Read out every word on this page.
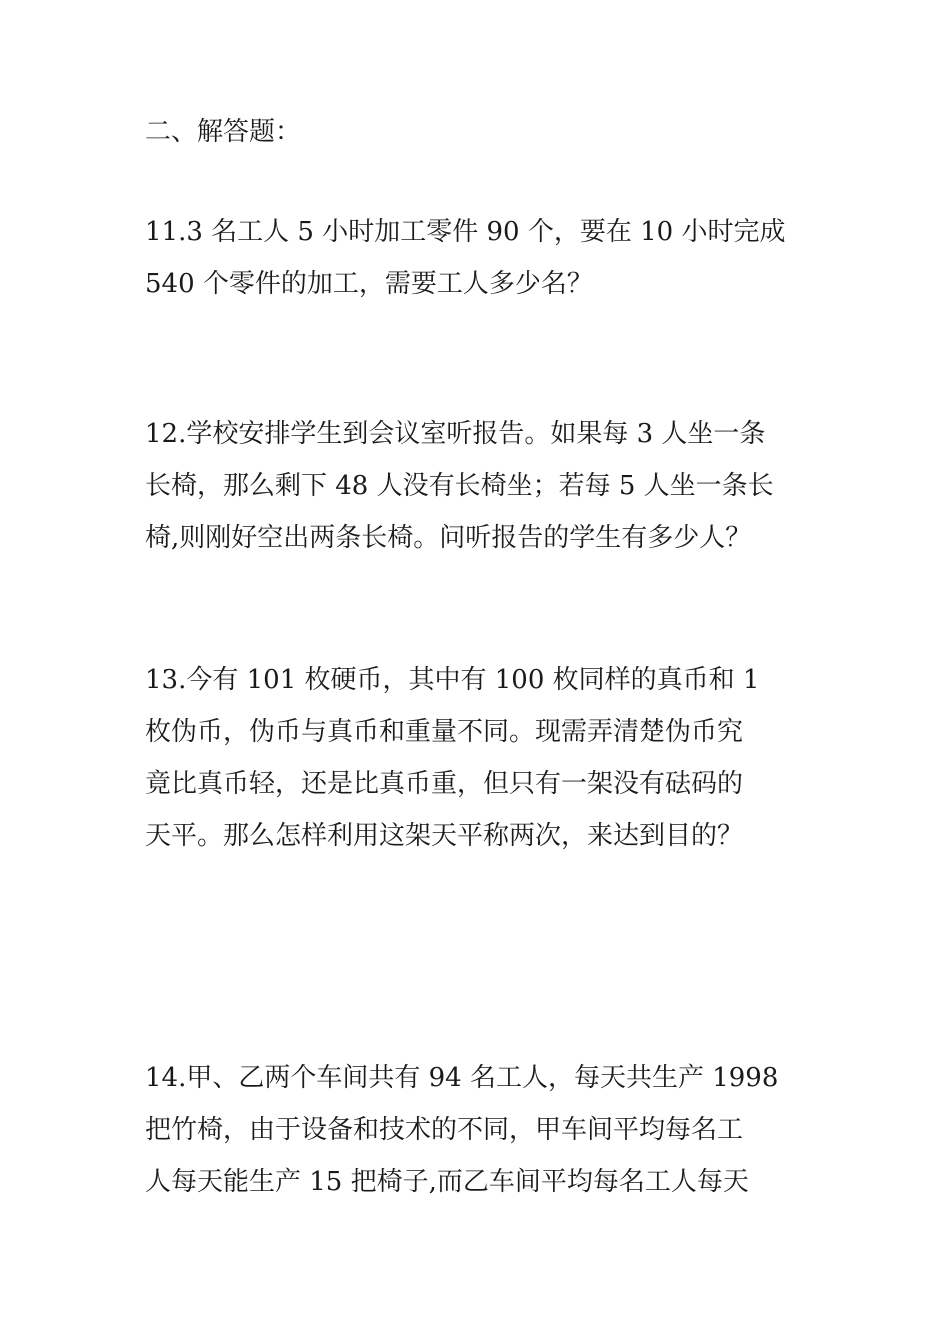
二、解答题：

11.3 名工人 5 小时加工零件 90 个，要在 10 小时完成
540 个零件的加工，需要工人多少名？

12.学校安排学生到会议室听报告。如果每 3 人坐一条
长椅，那么剩下 48 人没有长椅坐；若每 5 人坐一条长
椅,则刚好空出两条长椅。问听报告的学生有多少人？

13.今有 101 枚硬币，其中有 100 枚同样的真币和 1
枚伪币，伪币与真币和重量不同。现需弄清楚伪币究
竟比真币轻，还是比真币重，但只有一架没有砝码的
天平。那么怎样利用这架天平称两次，来达到目的？

14.甲、乙两个车间共有 94 名工人，每天共生产 1998
把竹椅，由于设备和技术的不同，甲车间平均每名工
人每天能生产 15 把椅子,而乙车间平均每名工人每天
